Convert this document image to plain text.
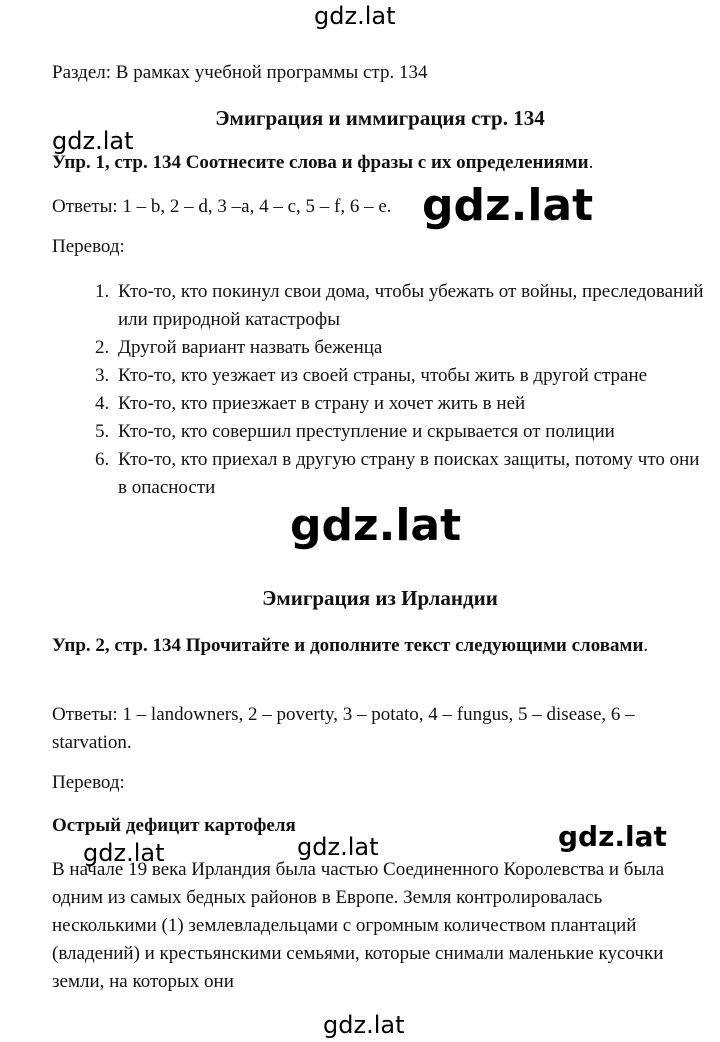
gdz.lat
Раздел: В рамках учебной программы стр. 134
Эмиграция и иммиграция стр. 134
gdz.lat
Упр. 1, стр. 134 Соотнесите слова и фразы с их определениями.
Ответы: 1 – b, 2 – d, 3 –a, 4 – c, 5 – f, 6 – e. gdz.lat
Перевод:
1. Кто-то, кто покинул свои дома, чтобы убежать от войны, преследований или природной катастрофы
2. Другой вариант назвать беженца
3. Кто-то, кто уезжает из своей страны, чтобы жить в другой стране
4. Кто-то, кто приезжает в страну и хочет жить в ней
5. Кто-то, кто совершил преступление и скрывается от полиции
6. Кто-то, кто приехал в другую страну в поисках защиты, потому что они в опасности
gdz.lat
Эмиграция из Ирландии
Упр. 2, стр. 134 Прочитайте и дополните текст следующими словами.
Ответы: 1 – landowners, 2 – poverty, 3 – potato, 4 – fungus, 5 – disease, 6 – starvation.
Перевод:
Острый дефицит картофеля
gdz.lat	gdz.lat	gdz.lat
В начале 19 века Ирландия была частью Соединенного Королевства и была одним из самых бедных районов в Европе. Земля контролировалась несколькими (1) землевладельцами с огромным количеством плантаций (владений) и крестьянскими семьями, которые снимали маленькие кусочки земли, на которых они
gdz.lat
